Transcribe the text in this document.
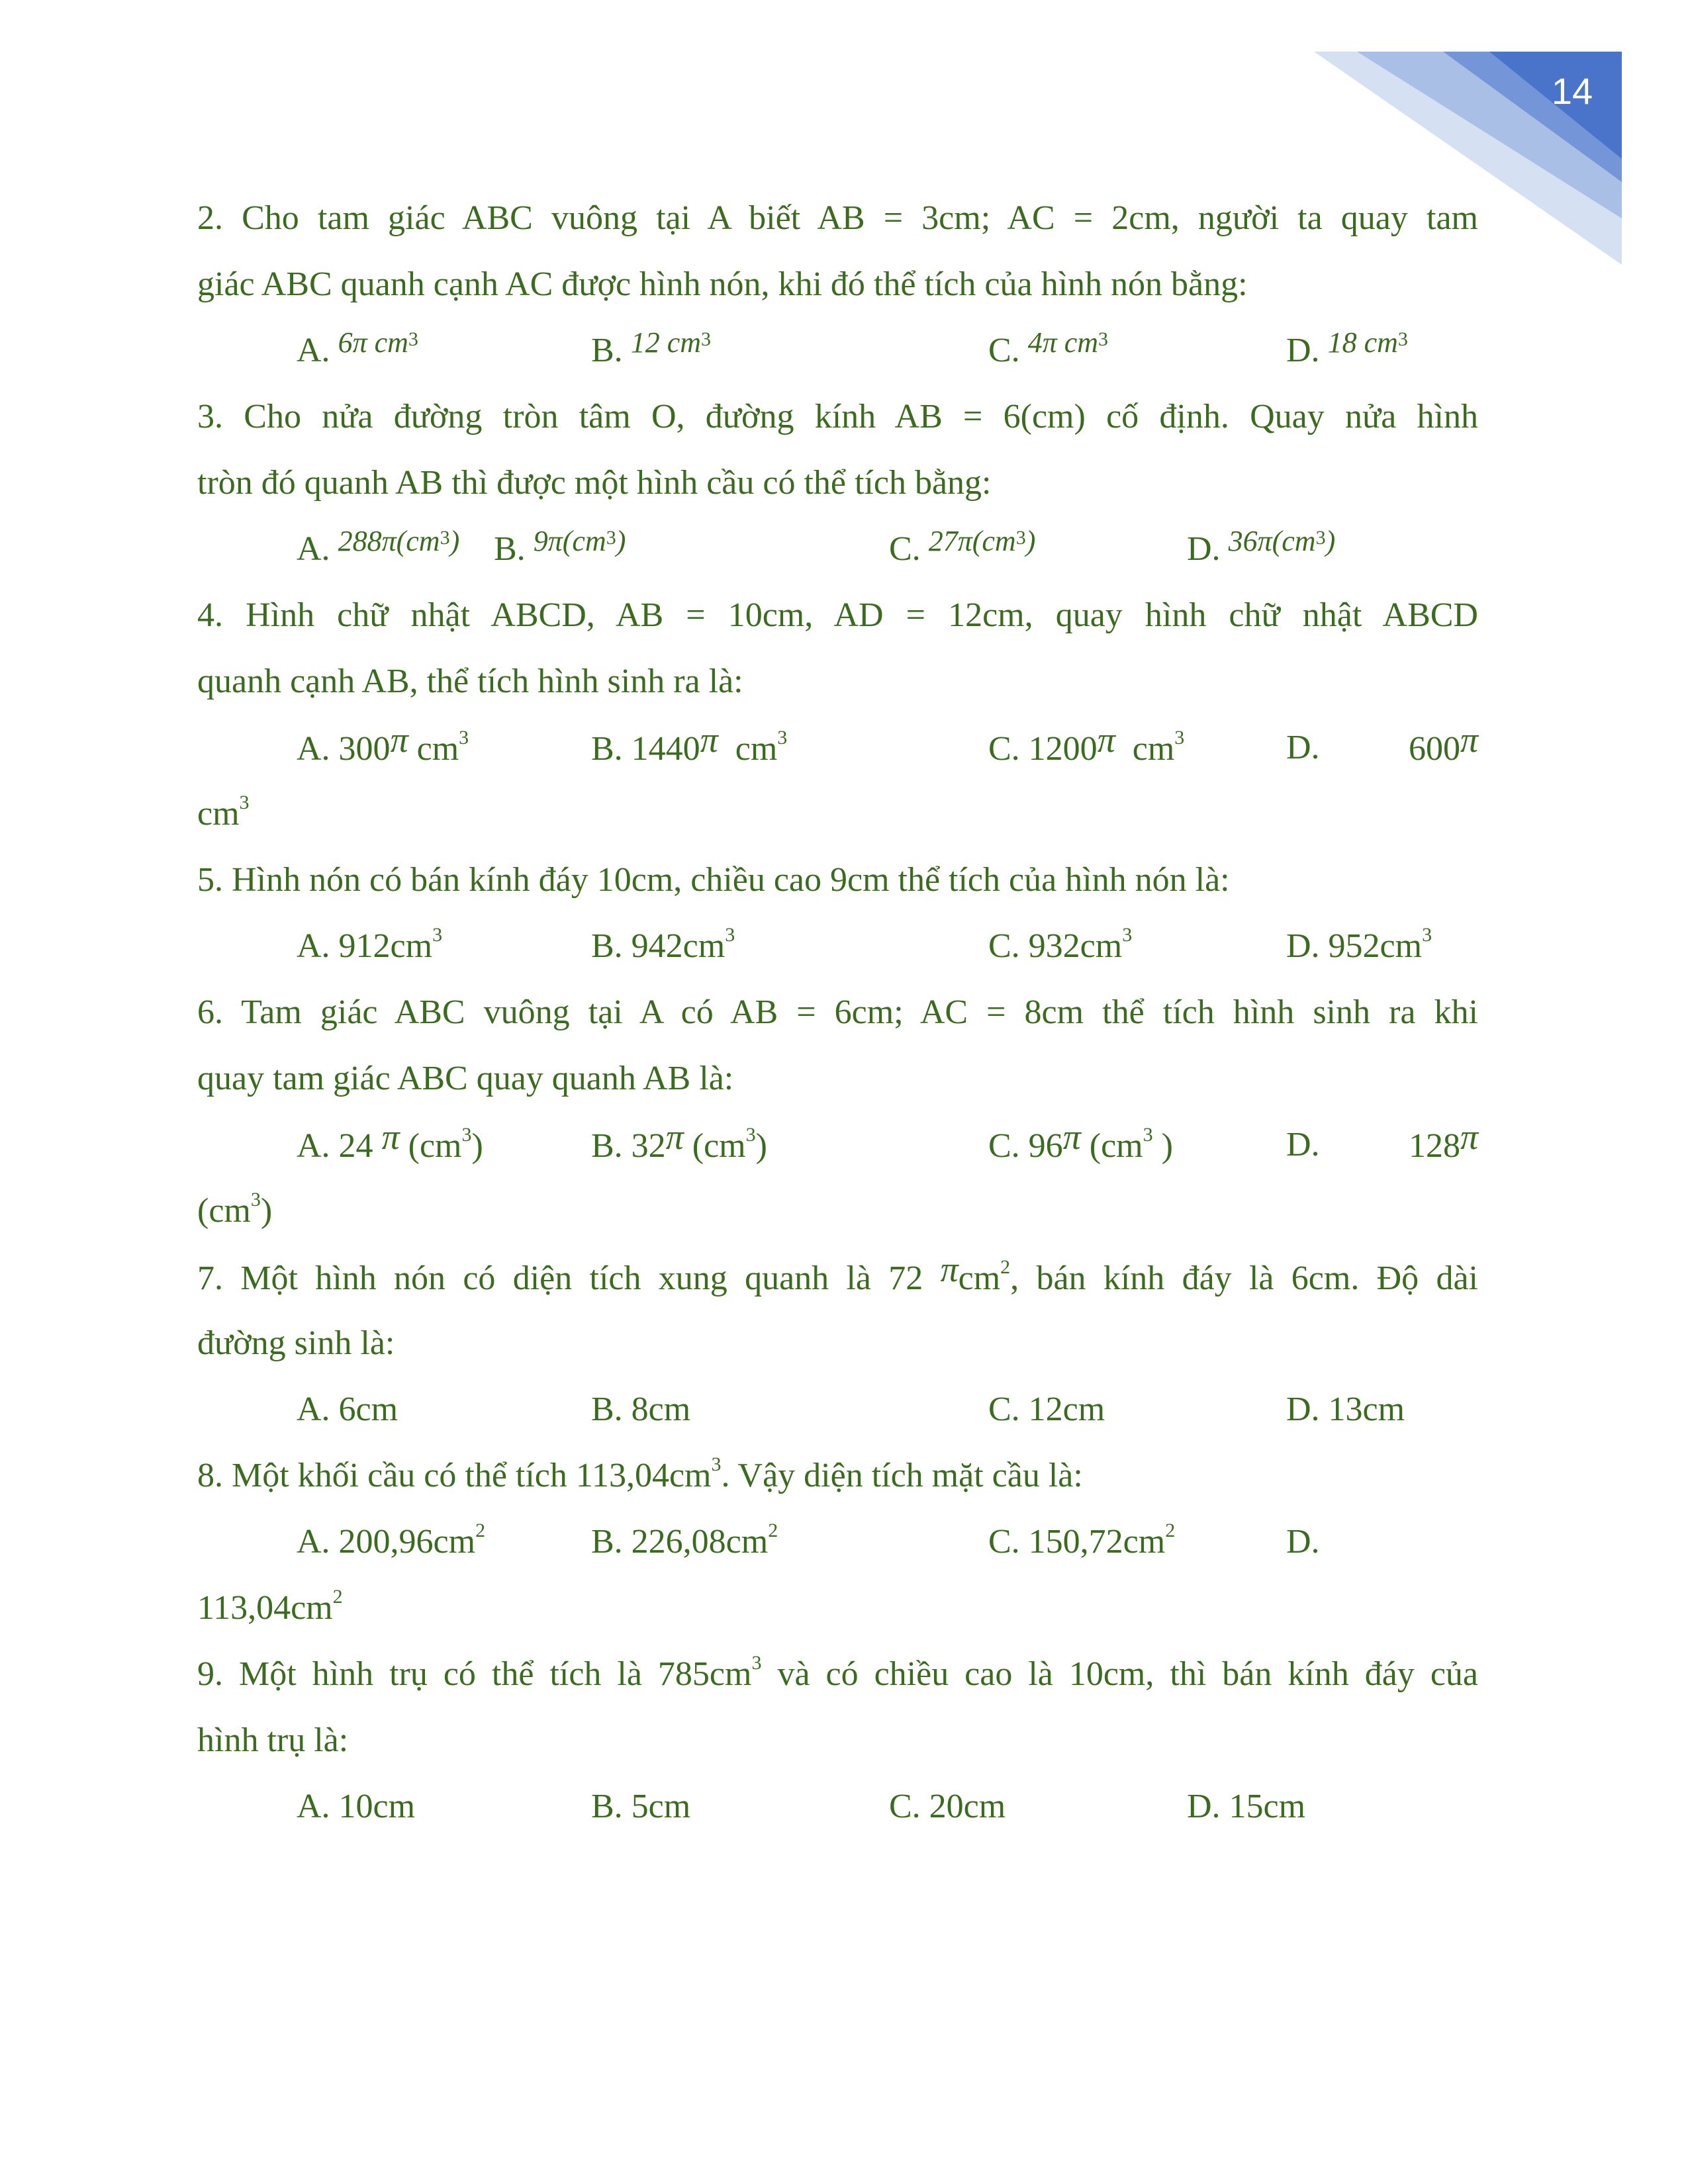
14
2. Cho tam giác ABC vuông tại A biết AB = 3cm; AC = 2cm, người ta quay tam
giác ABC quanh cạnh AC được hình nón, khi đó thể tích của hình nón bằng:
A. $^{6\pi cm3}$	B. $^{12 cm3}$	C. $^{4\pi cm3}$	D. $^{18 cm3}$
3. Cho nửa đường tròn tâm O, đường kính AB = 6(cm) cố định. Quay nửa hình
tròn đó quanh AB thì được một hình cầu có thể tích bằng:
A. $^{288\pi(cm3)}$ B. $^{9\pi(cm3)}$	C. $^{27\pi(cm3)}$	D. $^{36\pi(cm3)}$
4. Hình chữ nhật ABCD, AB = 10cm, AD = 12cm, quay hình chữ nhật ABCD
quanh cạnh AB, thể tích hình sinh ra là:
A. 300π $cm^3$	B. 1440π $cm^3$	C. 1200π $cm^3$	D.	600π
$cm^3$
5. Hình nón có bán kính đáy 10cm, chiều cao 9cm thể tích của hình nón là:
A. $912cm^3$	B. $942cm^3$	C. $932cm^3$	D. $952cm^3$
6. Tam giác ABC vuông tại A có AB = 6cm; AC = 8cm thể tích hình sinh ra khi
quay tam giác ABC quay quanh AB là:
A. 24 π $(cm^3)$	B. 32π $(cm^3)$	C. 96π ($cm^3$ )	D.	128π
$(cm^3)$
7. Một hình nón có diện tích xung quanh là 72 πcm$^2$, bán kính đáy là 6cm. Độ dài
đường sinh là:
A. 6cm	B. 8cm	C. 12cm	D. 13cm
8. Một khối cầu có thể tích $113,04cm^3$. Vậy diện tích mặt cầu là:
A. $200,96cm^2$	B. $226,08cm^2$	C. $150,72cm^2$	D.
$113,04cm^2$
9. Một hình trụ có thể tích là $785cm^3$ và có chiều cao là 10cm, thì bán kính đáy của
hình trụ là:
A. 10cm	B. 5cm	C. 20cm	D. 15cm
